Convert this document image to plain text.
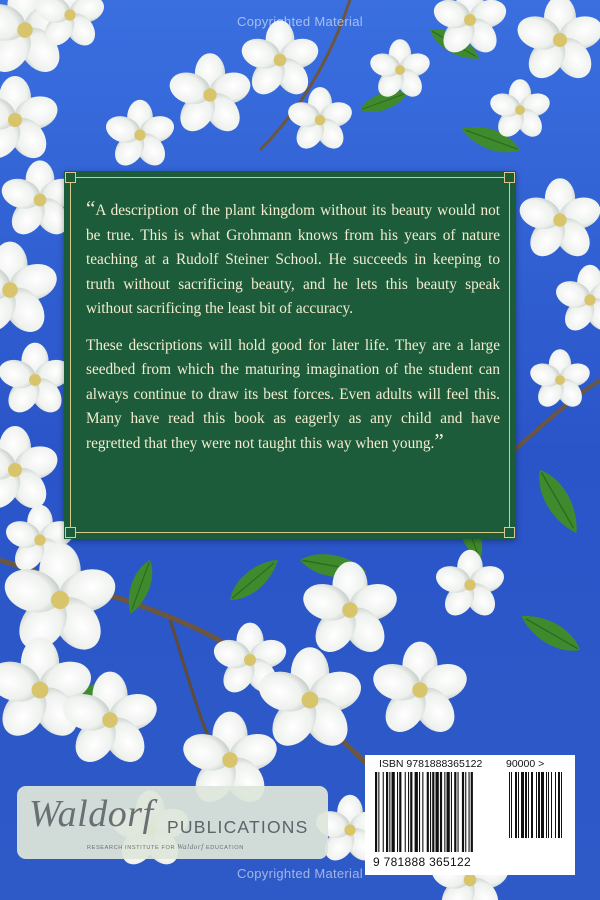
Copyrighted Material

“A description of the plant kingdom without its beauty would not be true. This is what Grohmann knows from his years of nature teaching at a Rudolf Steiner School. He succeeds in keeping to truth without sacrificing beauty, and he lets this beauty speak without sacrificing the least bit of accuracy.

These descriptions will hold good for later life. They are a large seedbed from which the maturing imagination of the student can always continue to draw its best forces. Even adults will feel this. Many have read this book as eagerly as any child and have regretted that they were not taught this way when young.”

Waldorf PUBLICATIONS
RESEARCH INSTITUTE FOR Waldorf EDUCATION
ISBN 9781888365122 90000 >
9 781888 365122
Copyrighted Material
